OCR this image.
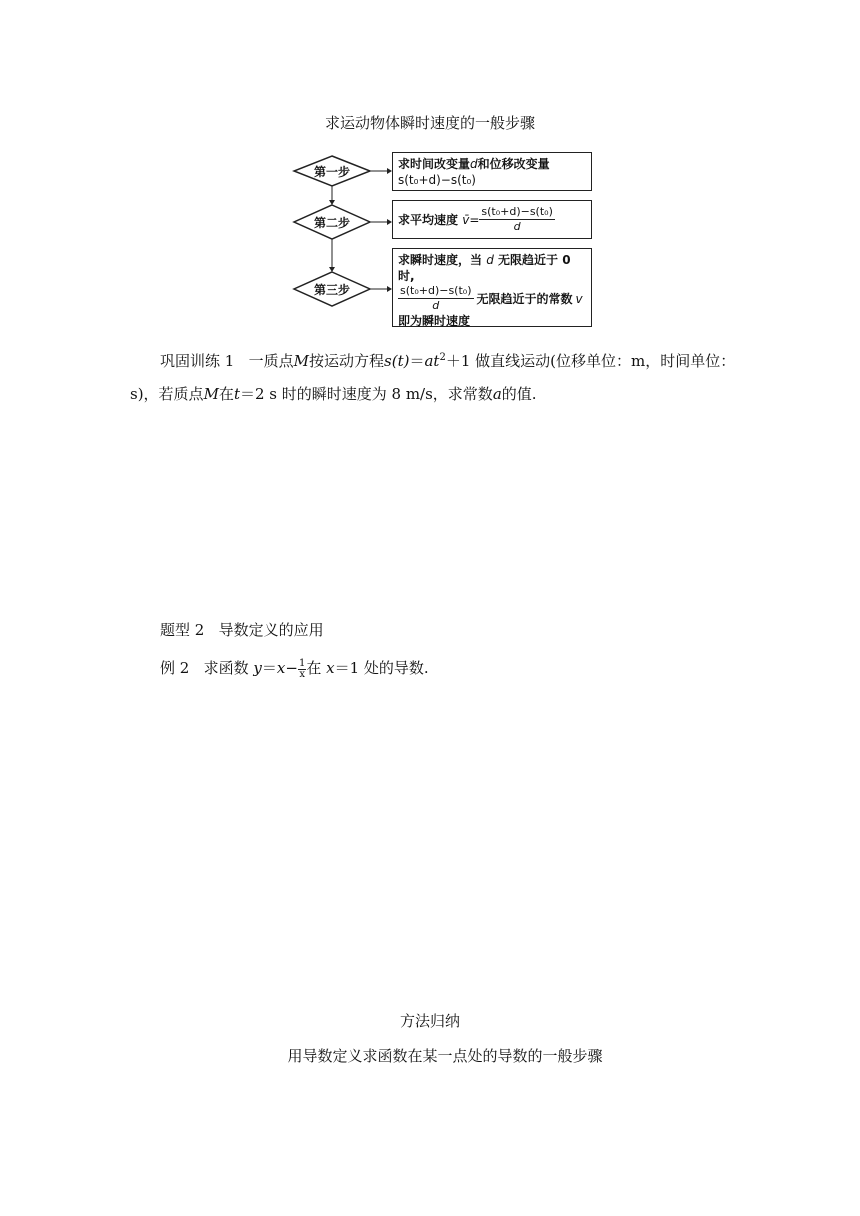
求运动物体瞬时速度的一般步骤
第一步
第二步
第三步
求时间改变量d和位移改变量s(t₀+d)−s(t₀)
求平均速度
v̄ = $\frac{\text{s(t₀+d)−s(t₀)}}{d}$
求瞬时速度，当 d 无限趋近于 0 时,
$\frac{\text{s(t₀+d)−s(t₀)}}{d}$ 无限趋近于的常数 v
即为瞬时速度
巩固训练 1 一质点M按运动方程$s(t)=at^2+1$ 做直线运动(位移单位：m，时间单位：
s)，若质点M在t＝2 s 时的瞬时速度为 8 m/s，求常数a的值.
题型 2 导数定义的应用
例 2 求函数 $y=x- \frac{1}{x}$ 在 x＝1 处的导数.
方法归纳
用导数定义求函数在某一点处的导数的一般步骤
